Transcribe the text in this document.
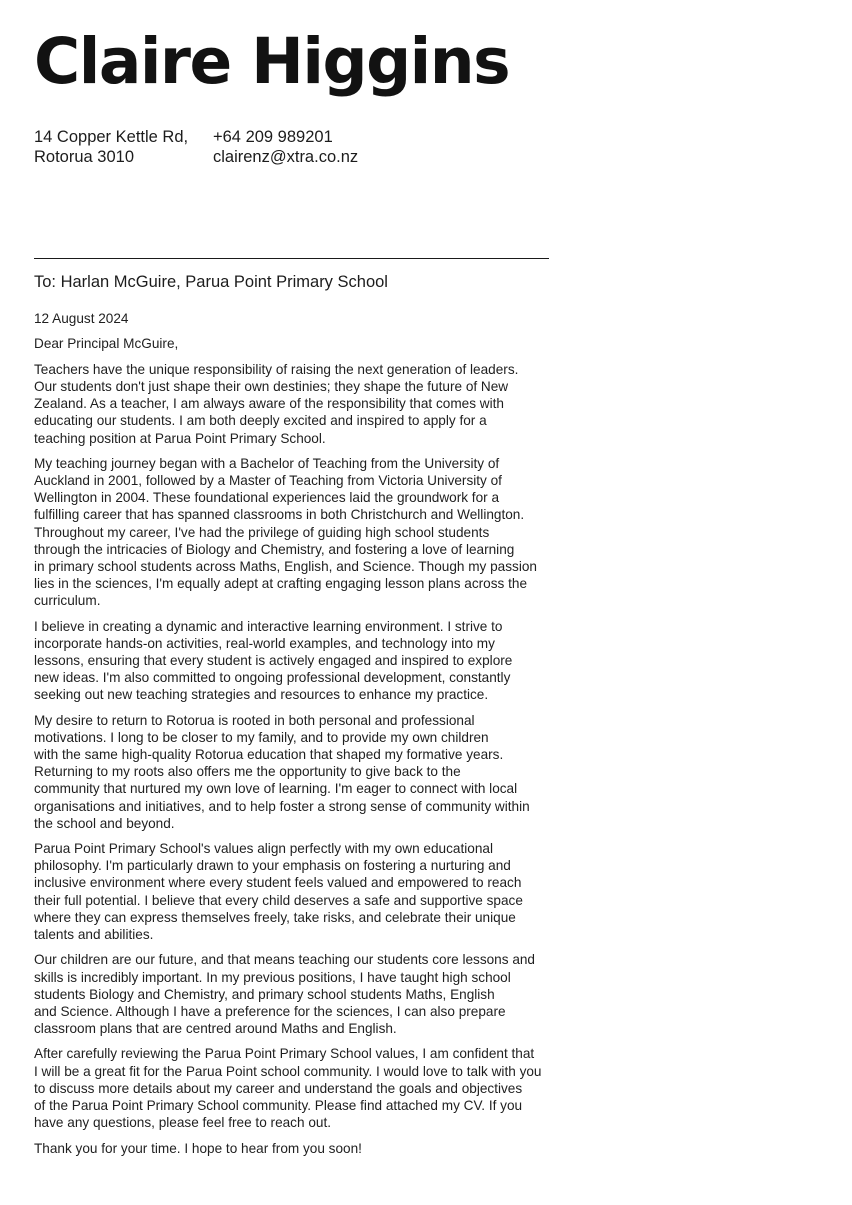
Claire Higgins
14 Copper Kettle Rd,
Rotorua 3010
+64 209 989201
clairenz@xtra.co.nz
To: Harlan McGuire, Parua Point Primary School

12 August 2024

Dear Principal McGuire,

Teachers have the unique responsibility of raising the next generation of leaders.
Our students don't just shape their own destinies; they shape the future of New
Zealand. As a teacher, I am always aware of the responsibility that comes with
educating our students. I am both deeply excited and inspired to apply for a
teaching position at Parua Point Primary School.

My teaching journey began with a Bachelor of Teaching from the University of
Auckland in 2001, followed by a Master of Teaching from Victoria University of
Wellington in 2004. These foundational experiences laid the groundwork for a
fulfilling career that has spanned classrooms in both Christchurch and Wellington.
Throughout my career, I've had the privilege of guiding high school students
through the intricacies of Biology and Chemistry, and fostering a love of learning
in primary school students across Maths, English, and Science. Though my passion
lies in the sciences, I'm equally adept at crafting engaging lesson plans across the
curriculum.

I believe in creating a dynamic and interactive learning environment. I strive to
incorporate hands-on activities, real-world examples, and technology into my
lessons, ensuring that every student is actively engaged and inspired to explore
new ideas. I'm also committed to ongoing professional development, constantly
seeking out new teaching strategies and resources to enhance my practice.

My desire to return to Rotorua is rooted in both personal and professional
motivations. I long to be closer to my family, and to provide my own children
with the same high-quality Rotorua education that shaped my formative years.
Returning to my roots also offers me the opportunity to give back to the
community that nurtured my own love of learning. I'm eager to connect with local
organisations and initiatives, and to help foster a strong sense of community within
the school and beyond.

Parua Point Primary School's values align perfectly with my own educational
philosophy. I'm particularly drawn to your emphasis on fostering a nurturing and
inclusive environment where every student feels valued and empowered to reach
their full potential. I believe that every child deserves a safe and supportive space
where they can express themselves freely, take risks, and celebrate their unique
talents and abilities.

Our children are our future, and that means teaching our students core lessons and
skills is incredibly important. In my previous positions, I have taught high school
students Biology and Chemistry, and primary school students Maths, English
and Science. Although I have a preference for the sciences, I can also prepare
classroom plans that are centred around Maths and English.

After carefully reviewing the Parua Point Primary School values, I am confident that
I will be a great fit for the Parua Point school community. I would love to talk with you
to discuss more details about my career and understand the goals and objectives
of the Parua Point Primary School community. Please find attached my CV. If you
have any questions, please feel free to reach out.

Thank you for your time. I hope to hear from you soon!
